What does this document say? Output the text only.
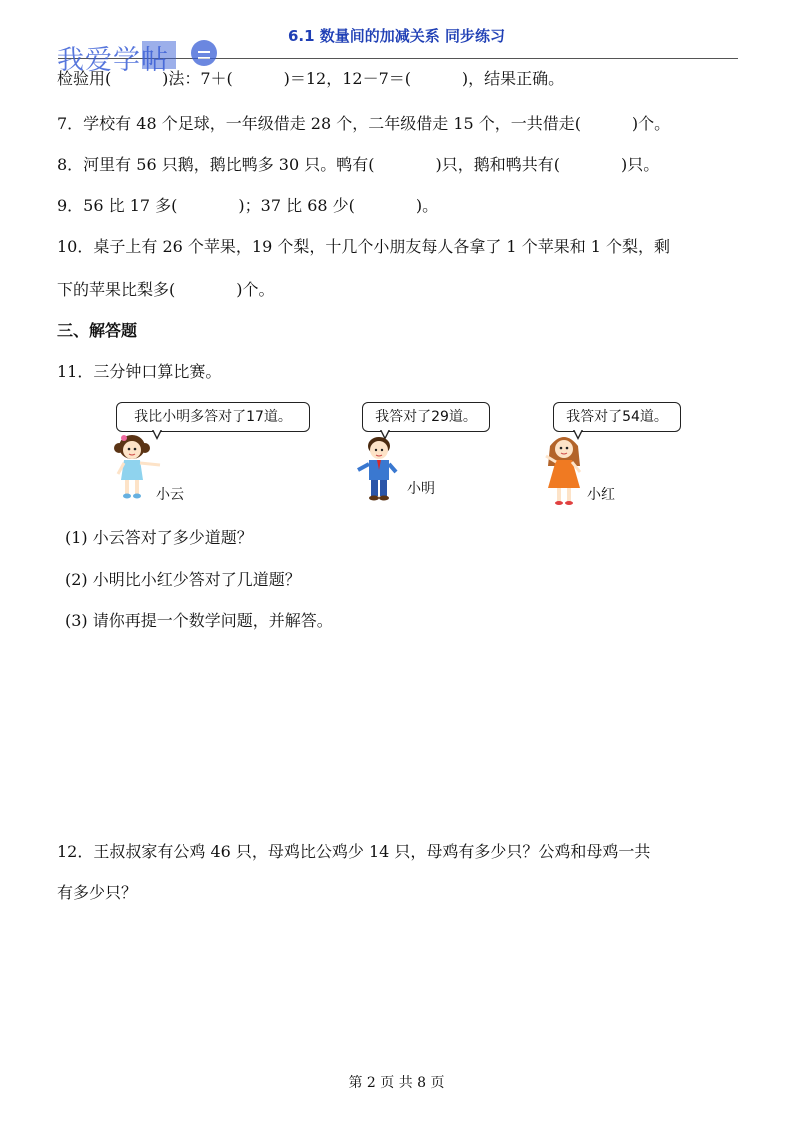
6.1 数量间的加减关系 同步练习
我爱学帖
检验用(          )法：7＋(          )＝12，12－7＝(          )，结果正确。
7．学校有 48 个足球，一年级借走 28 个，二年级借走 15 个，一共借走(          )个。
8．河里有 56 只鹅，鹅比鸭多 30 只。鸭有(            )只，鹅和鸭共有(            )只。
9．56 比 17 多(            )；37 比 68 少(            )。
10．桌子上有 26 个苹果，19 个梨，十几个小朋友每人各拿了 1 个苹果和 1 个梨，剩
下的苹果比梨多(            )个。
三、解答题
11．三分钟口算比赛。
我比小明多答对了17道。	我答对了29道。	我答对了54道。
小云	小明	小红
(1) 小云答对了多少道题？
(2) 小明比小红少答对了几道题？
(3) 请你再提一个数学问题，并解答。
12．王叔叔家有公鸡 46 只，母鸡比公鸡少 14 只，母鸡有多少只？公鸡和母鸡一共
有多少只？
第 2 页 共 8 页
